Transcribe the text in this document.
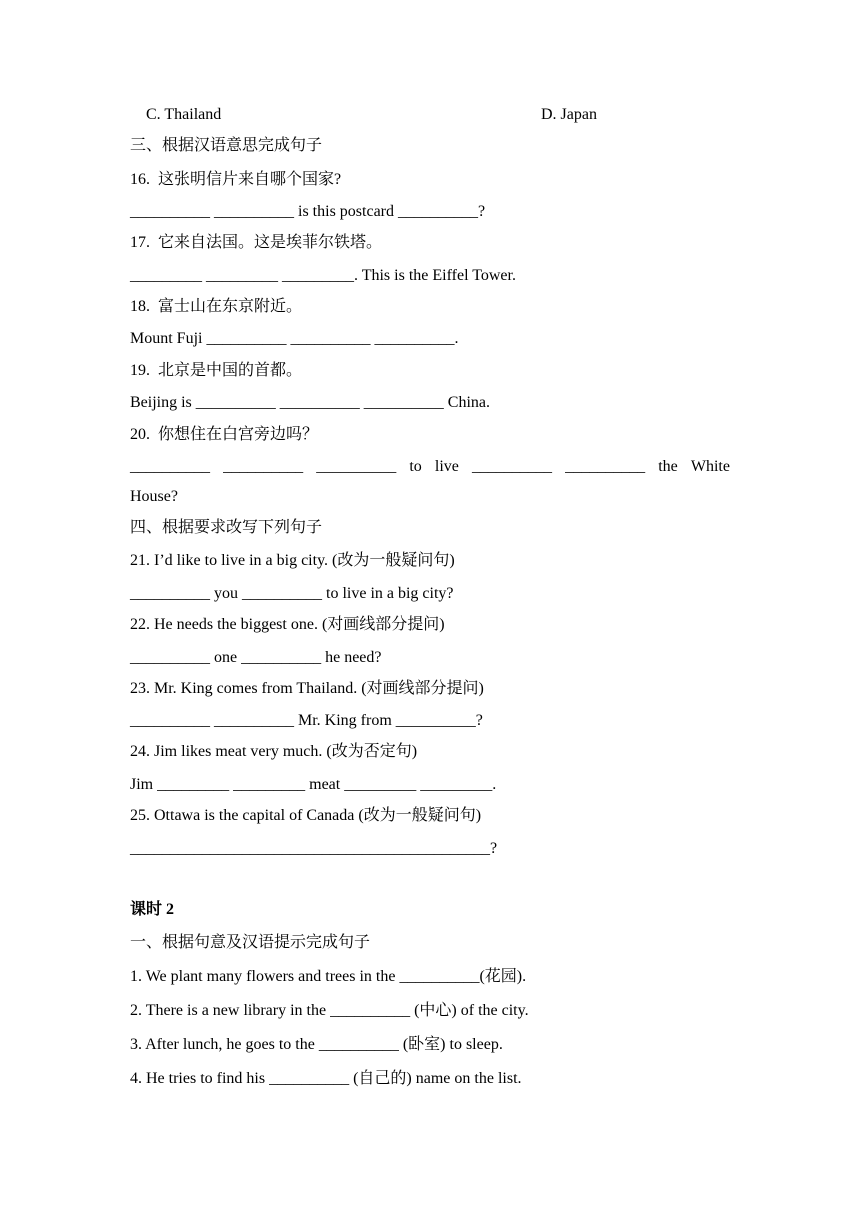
C. Thailand	D. Japan
三、根据汉语意思完成句子
16.  这张明信片来自哪个国家?
__________ __________ is this postcard __________?
17.  它来自法国。这是埃菲尔铁塔。
_________ _________ _________. This is the Eiffel Tower.
18.  富士山在东京附近。
Mount Fuji __________ __________ __________.
19.  北京是中国的首都。
Beijing is __________ __________ __________ China.
20.  你想住在白宫旁边吗？
__________ __________ __________ to live __________ __________ the White
House?
四、根据要求改写下列句子
21. I’d like to live in a big city. (改为一般疑问句)
__________ you __________ to live in a big city?
22. He needs the biggest one. (对画线部分提问)
__________ one __________ he need?
23. Mr. King comes from Thailand. (对画线部分提问)
__________ __________ Mr. King from __________?
24. Jim likes meat very much. (改为否定句)
Jim _________ _________ meat _________ _________.
25. Ottawa is the capital of Canada (改为一般疑问句)
_____________________________________________?
课时 2
一、根据句意及汉语提示完成句子
1. We plant many flowers and trees in the __________(花园).
2. There is a new library in the __________ (中心) of the city.
3. After lunch, he goes to the __________ (卧室) to sleep.
4. He tries to find his __________ (自己的) name on the list.
